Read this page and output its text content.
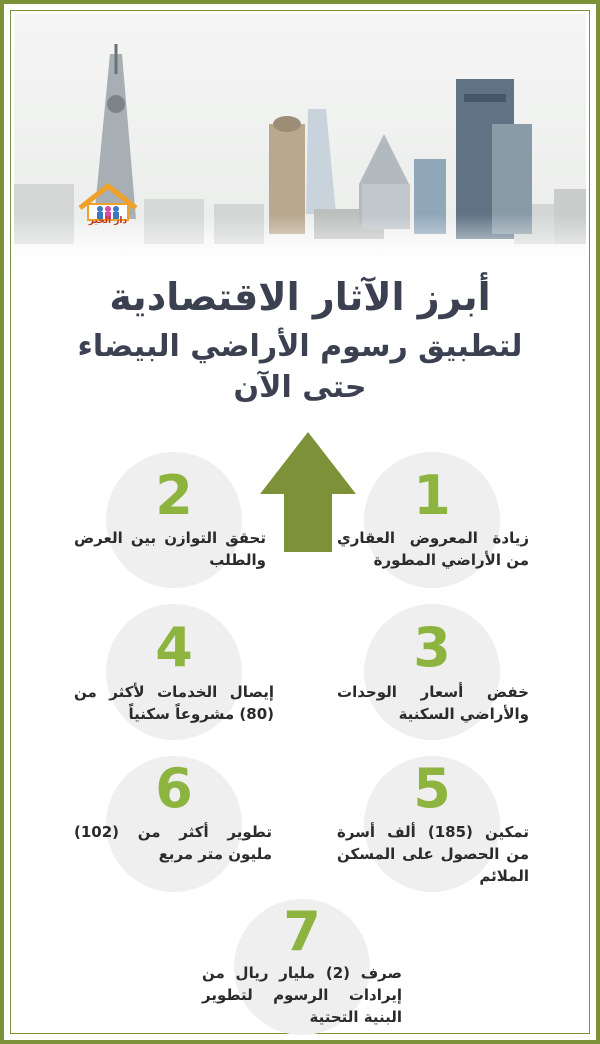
دار الخير
أبرز الآثار الاقتصادية
لتطبيق رسوم الأراضي البيضاء
حتى الآن
1
زيادة المعروض العقاري من الأراضي المطورة
2
تحقق التوازن بين العرض والطلب
3
خفض أسعار الوحدات والأراضي السكنية
4
إيصال الخدمات لأكثر من (80) مشروعاً سكنياً
5
تمكين (185) ألف أسرة من الحصول على المسكن الملائم
6
تطوير أكثر من (102) مليون متر مربع
7
صرف (2) مليار ريال من إيرادات الرسوم لتطوير البنية التحتية
